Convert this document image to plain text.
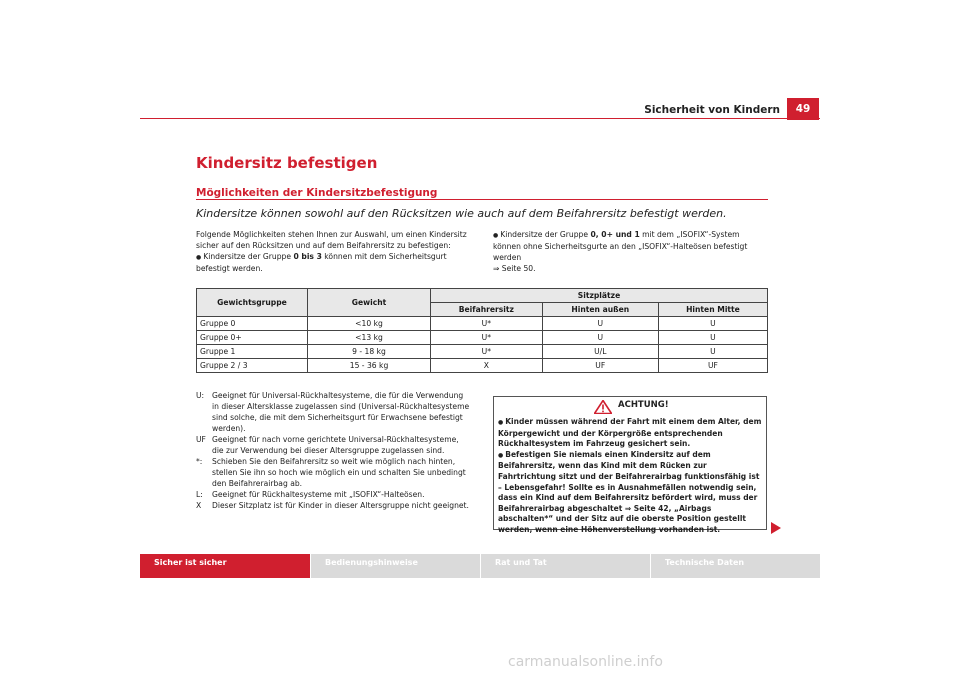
Sicherheit von Kindern	49
Kindersitz befestigen
Möglichkeiten der Kindersitzbefestigung
Kindersitze können sowohl auf den Rücksitzen wie auch auf dem Beifahrersitz befestigt werden.
Folgende Möglichkeiten stehen Ihnen zur Auswahl, um einen Kindersitz sicher auf den Rücksitzen und auf dem Beifahrersitz zu befestigen:
● Kindersitze der Gruppe 0 bis 3 können mit dem Sicherheitsgurt befestigt werden.
● Kindersitze der Gruppe 0, 0+ und 1 mit dem „ISOFIX“-System können ohne Sicherheitsgurte an den „ISOFIX“-Halteösen befestigt werden
⇒ Seite 50.
Gewichtsgruppe	Gewicht	Sitzplätze		
		Beifahrersitz	Hinten außen	Hinten Mitte
Gruppe 0	<10 kg	U*	U	U
Gruppe 0+	<13 kg	U*	U	U
Gruppe 1	9 - 18 kg	U*	U/L	U
Gruppe 2 / 3	15 - 36 kg	X	UF	UF
U: Geeignet für Universal-Rückhaltesysteme, die für die Verwendung in dieser Altersklasse zugelassen sind (Universal-Rückhaltesysteme sind solche, die mit dem Sicherheitsgurt für Erwachsene befestigt werden).
UF Geeignet für nach vorne gerichtete Universal-Rückhaltesysteme, die zur Verwendung bei dieser Altersgruppe zugelassen sind.
*: Schieben Sie den Beifahrersitz so weit wie möglich nach hinten, stellen Sie ihn so hoch wie möglich ein und schalten Sie unbedingt den Beifahrerairbag ab.
L: Geeignet für Rückhaltesysteme mit „ISOFIX“-Halteösen.
X Dieser Sitzplatz ist für Kinder in dieser Altersgruppe nicht geeignet.
ACHTUNG!
● Kinder müssen während der Fahrt mit einem dem Alter, dem Körpergewicht und der Körpergröße entsprechenden Rückhaltesystem im Fahrzeug gesichert sein.
● Befestigen Sie niemals einen Kindersitz auf dem Beifahrersitz, wenn das Kind mit dem Rücken zur Fahrtrichtung sitzt und der Beifahrerairbag funktionsfähig ist – Lebensgefahr! Sollte es in Ausnahmefällen notwendig sein, dass ein Kind auf dem Beifahrersitz befördert wird, muss der Beifahrerairbag abgeschaltet ⇒ Seite 42, „Airbags abschalten*“ und der Sitz auf die oberste Position gestellt werden, wenn eine Höhenverstellung vorhanden ist.
Sicher ist sicher	Bedienungshinweise	Rat und Tat	Technische Daten
carmanualsonline.info
